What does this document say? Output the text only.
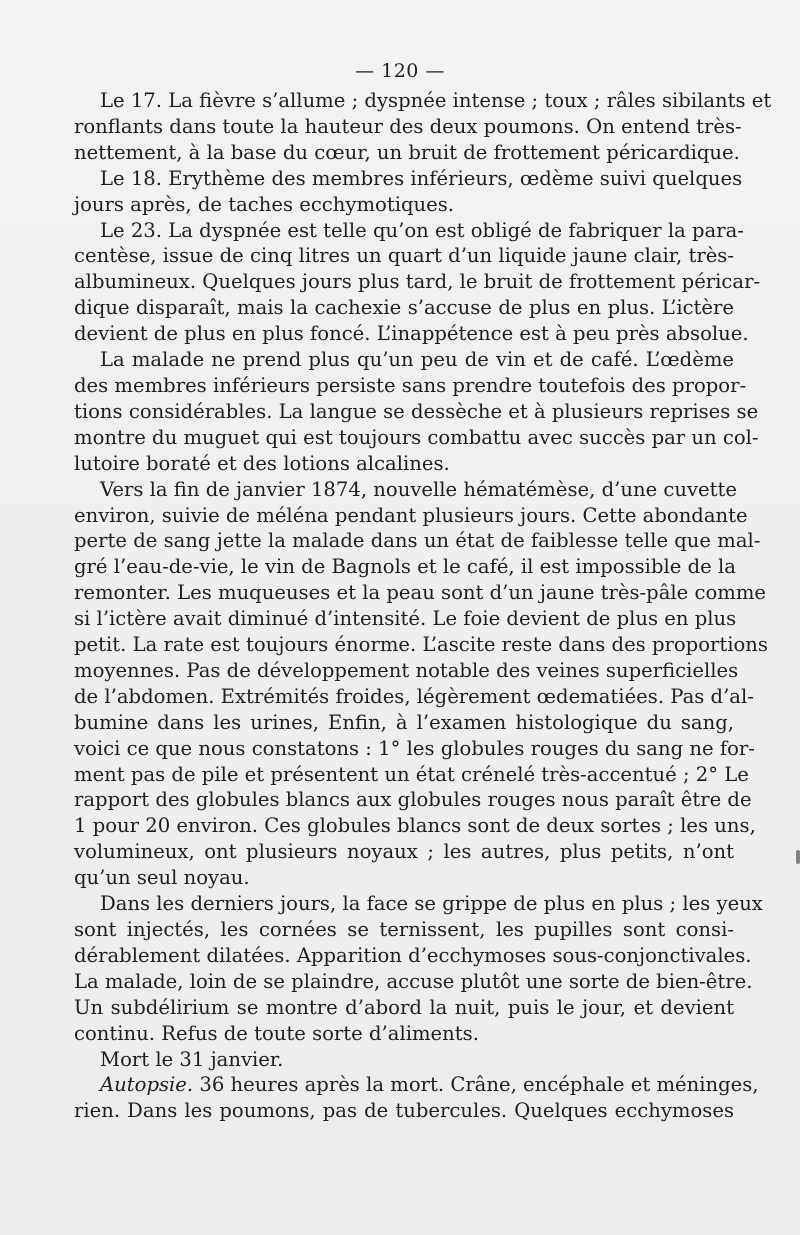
— 120 —

Le 17. La fièvre s’allume ; dyspnée intense ; toux ; râles sibilants et
ronflants dans toute la hauteur des deux poumons. On entend très-
nettement, à la base du cœur, un bruit de frottement péricardique.

Le 18. Erythème des membres inférieurs, œdème suivi quelques
jours après, de taches ecchymotiques.

Le 23. La dyspnée est telle qu’on est obligé de fabriquer la para-
centèse, issue de cinq litres un quart d’un liquide jaune clair, très-
albumineux. Quelques jours plus tard, le bruit de frottement péricar-
dique disparaît, mais la cachexie s’accuse de plus en plus. L’ictère
devient de plus en plus foncé. L’inappétence est à peu près absolue.

La malade ne prend plus qu’un peu de vin et de café. L’œdème
des membres inférieurs persiste sans prendre toutefois des propor-
tions considérables. La langue se dessèche et à plusieurs reprises se
montre du muguet qui est toujours combattu avec succès par un col-
lutoire boraté et des lotions alcalines.

Vers la fin de janvier 1874, nouvelle hématémèse, d’une cuvette
environ, suivie de méléna pendant plusieurs jours. Cette abondante
perte de sang jette la malade dans un état de faiblesse telle que mal-
gré l’eau-de-vie, le vin de Bagnols et le café, il est impossible de la
remonter. Les muqueuses et la peau sont d’un jaune très-pâle comme
si l’ictère avait diminué d’intensité. Le foie devient de plus en plus
petit. La rate est toujours énorme. L’ascite reste dans des proportions
moyennes. Pas de développement notable des veines superficielles
de l’abdomen. Extrémités froides, légèrement œdematiées. Pas d’al-
bumine dans les urines, Enfin, à l’examen histologique du sang,
voici ce que nous constatons : 1° les globules rouges du sang ne for-
ment pas de pile et présentent un état crénelé très-accentué ; 2° Le
rapport des globules blancs aux globules rouges nous paraît être de
1 pour 20 environ. Ces globules blancs sont de deux sortes ; les uns,
volumineux, ont plusieurs noyaux ; les autres, plus petits, n’ont
qu’un seul noyau.

Dans les derniers jours, la face se grippe de plus en plus ; les yeux
sont injectés, les cornées se ternissent, les pupilles sont consi-
dérablement dilatées. Apparition d’ecchymoses sous-conjonctivales.
La malade, loin de se plaindre, accuse plutôt une sorte de bien-être.
Un subdélirium se montre d’abord la nuit, puis le jour, et devient
continu. Refus de toute sorte d’aliments.

Mort le 31 janvier.

Autopsie. 36 heures après la mort. Crâne, encéphale et méninges,
rien. Dans les poumons, pas de tubercules. Quelques ecchymoses
